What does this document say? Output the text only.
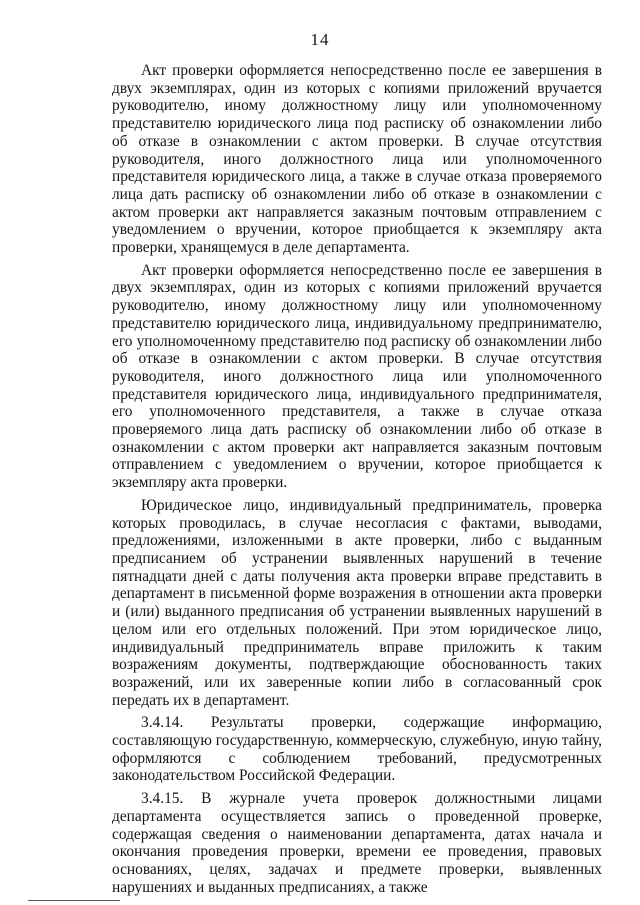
14

Акт проверки оформляется непосредственно после ее завершения в двух экземплярах, один из которых с копиями приложений вручается руководителю, иному должностному лицу или уполномоченному представителю юридического лица под расписку об ознакомлении либо об отказе в ознакомлении с актом проверки. В случае отсутствия руководителя, иного должностного лица или уполномоченного представителя юридического лица, а также в случае отказа проверяемого лица дать расписку об ознакомлении либо об отказе в ознакомлении с актом проверки акт направляется заказным почтовым отправлением с уведомлением о вручении, которое приобщается к экземпляру акта проверки, хранящемуся в деле департамента.

Акт проверки оформляется непосредственно после ее завершения в двух экземплярах, один из которых с копиями приложений вручается руководителю, иному должностному лицу или уполномоченному представителю юридического лица, индивидуальному предпринимателю, его уполномоченному представителю под расписку об ознакомлении либо об отказе в ознакомлении с актом проверки. В случае отсутствия руководителя, иного должностного лица или уполномоченного представителя юридического лица, индивидуального предпринимателя, его уполномоченного представителя, а также в случае отказа проверяемого лица дать расписку об ознакомлении либо об отказе в ознакомлении с актом проверки акт направляется заказным почтовым отправлением с уведомлением о вручении, которое приобщается к экземпляру акта проверки.

Юридическое лицо, индивидуальный предприниматель, проверка которых проводилась, в случае несогласия с фактами, выводами, предложениями, изложенными в акте проверки, либо с выданным предписанием об устранении выявленных нарушений в течение пятнадцати дней с даты получения акта проверки вправе представить в департамент в письменной форме возражения в отношении акта проверки и (или) выданного предписания об устранении выявленных нарушений в целом или его отдельных положений. При этом юридическое лицо, индивидуальный предприниматель вправе приложить к таким возражениям документы, подтверждающие обоснованность таких возражений, или их заверенные копии либо в согласованный срок передать их в департамент.

3.4.14. Результаты проверки, содержащие информацию, составляющую государственную, коммерческую, служебную, иную тайну, оформляются с соблюдением требований, предусмотренных законодательством Российской Федерации.

3.4.15. В журнале учета проверок должностными лицами департамента осуществляется запись о проведенной проверке, содержащая сведения о наименовании департамента, датах начала и окончания проведения проверки, времени ее проведения, правовых основаниях, целях, задачах и предмете проверки, выявленных нарушениях и выданных предписаниях, а также
